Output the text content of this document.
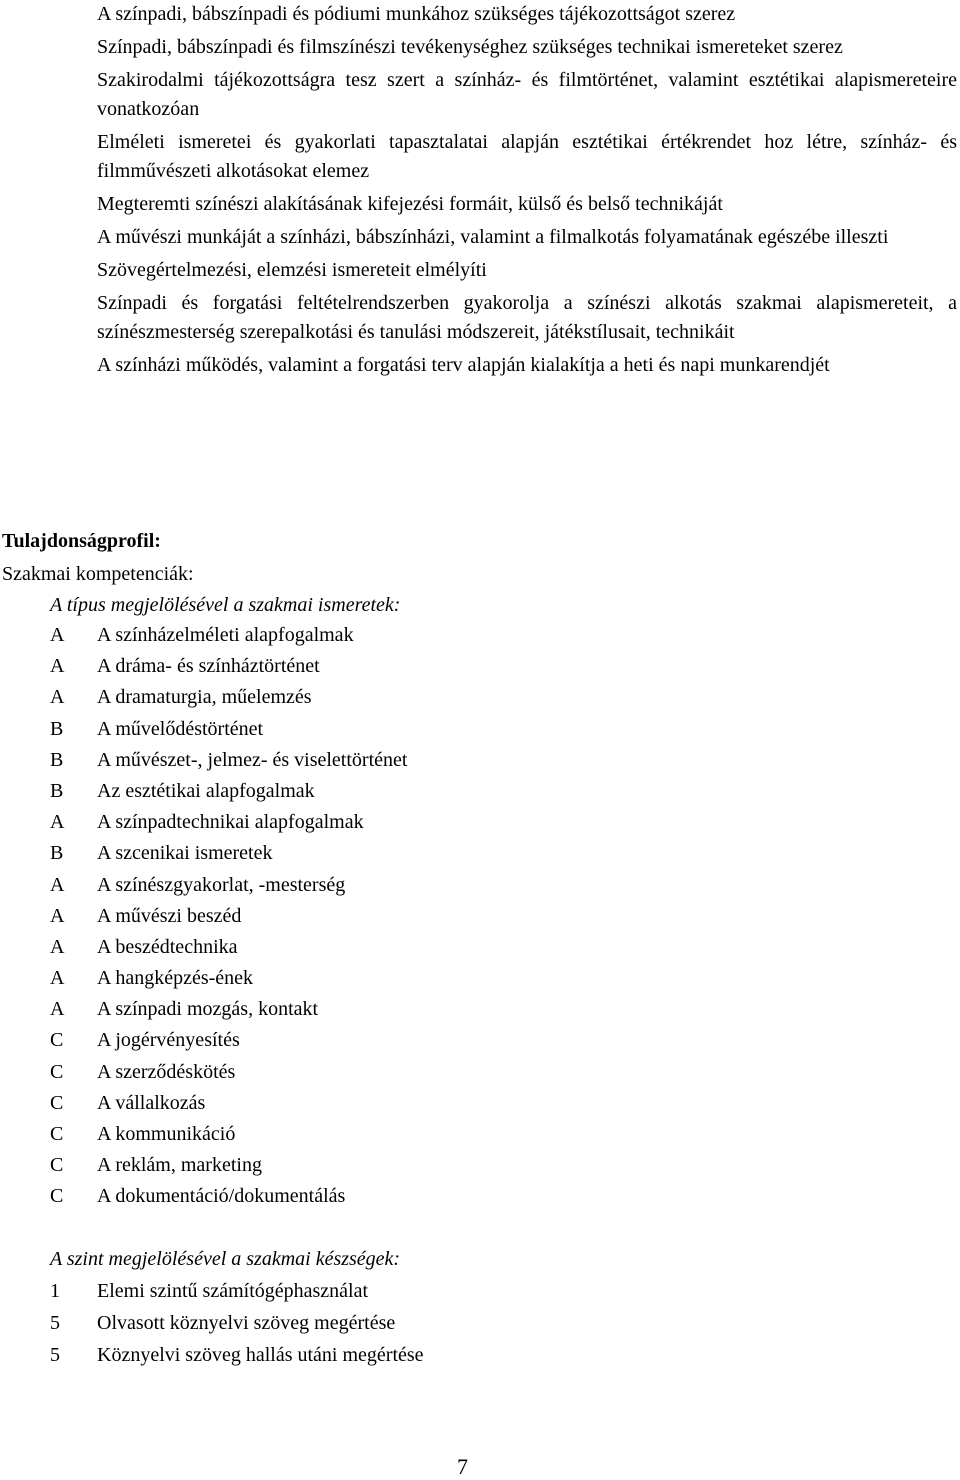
A színpadi, bábszínpadi és pódiumi munkához szükséges tájékozottságot szerez

Színpadi, bábszínpadi és filmszínészi tevékenységhez szükséges technikai ismereteket szerez

Szakirodalmi tájékozottságra tesz szert a színház- és filmtörténet, valamint esztétikai alapismereteire vonatkozóan

Elméleti ismeretei és gyakorlati tapasztalatai alapján esztétikai értékrendet hoz létre, színház- és filmművészeti alkotásokat elemez

Megteremti színészi alakításának kifejezési formáit, külső és belső technikáját

A művészi munkáját a színházi, bábszínházi, valamint a filmalkotás folyamatának egészébe illeszti

Szövegértelmezési, elemzési ismereteit elmélyíti

Színpadi és forgatási feltételrendszerben gyakorolja a színészi alkotás szakmai alapismereteit, a színészmesterség szerepalkotási és tanulási módszereit, játékstílusait, technikáit

A színházi működés, valamint a forgatási terv alapján kialakítja a heti és napi munkarendjét

Tulajdonságprofil:
Szakmai kompetenciák:
A típus megjelölésével a szakmai ismeretek:
A	A színházelméleti alapfogalmak
A	A dráma- és színháztörténet
A	A dramaturgia, műelemzés
B	A művelődéstörténet
B	A művészet-, jelmez- és viselettörténet
B	Az esztétikai alapfogalmak
A	A színpadtechnikai alapfogalmak
B	A szcenikai ismeretek
A	A színészgyakorlat, -mesterség
A	A művészi beszéd
A	A beszédtechnika
A	A hangképzés-ének
A	A színpadi mozgás, kontakt
C	A jogérvényesítés
C	A szerződéskötés
C	A vállalkozás
C	A kommunikáció
C	A reklám, marketing
C	A dokumentáció/dokumentálás
A szint megjelölésével a szakmai készségek:
1	Elemi szintű számítógéphasználat
5	Olvasott köznyelvi szöveg megértése
5	Köznyelvi szöveg hallás utáni megértése
7
